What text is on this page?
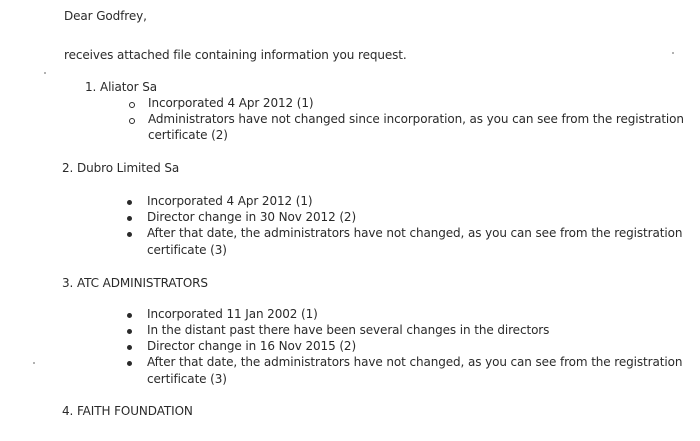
Dear Godfrey,
receives attached file containing information you request.
1. Aliator Sa
Incorporated 4 Apr 2012 (1)
Administrators have not changed since incorporation, as you can see from the registration
certificate (2)
2. Dubro Limited Sa
Incorporated 4 Apr 2012 (1)
Director change in 30 Nov 2012 (2)
After that date, the administrators have not changed, as you can see from the registration
certificate (3)
3. ATC ADMINISTRATORS
Incorporated 11 Jan 2002 (1)
In the distant past there have been several changes in the directors
Director change in 16 Nov 2015 (2)
After that date, the administrators have not changed, as you can see from the registration
certificate (3)
4. FAITH FOUNDATION
